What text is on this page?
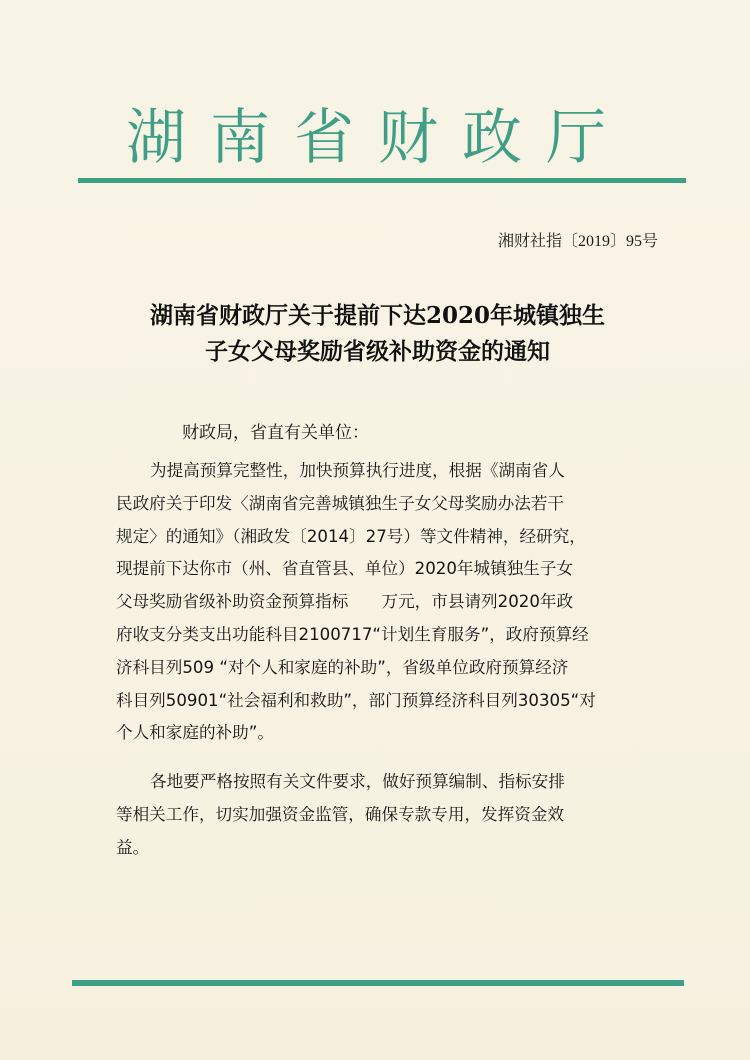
湖南省财政厅
湘财社指〔2019〕95号
湖南省财政厅关于提前下达2020年城镇独生
子女父母奖励省级补助资金的通知
财政局，省直有关单位：
为提高预算完整性，加快预算执行进度，根据《湖南省人
民政府关于印发〈湖南省完善城镇独生子女父母奖励办法若干
规定〉的通知》（湘政发〔2014〕27号）等文件精神，经研究，
现提前下达你市（州、省直管县、单位）2020年城镇独生子女
父母奖励省级补助资金预算指标　　万元，市县请列2020年政
府收支分类支出功能科目2100717“计划生育服务”，政府预算经
济科目列509 “对个人和家庭的补助”，省级单位政府预算经济
科目列50901“社会福利和救助”，部门预算经济科目列30305“对
个人和家庭的补助”。
各地要严格按照有关文件要求，做好预算编制、指标安排
等相关工作，切实加强资金监管，确保专款专用，发挥资金效
益。
